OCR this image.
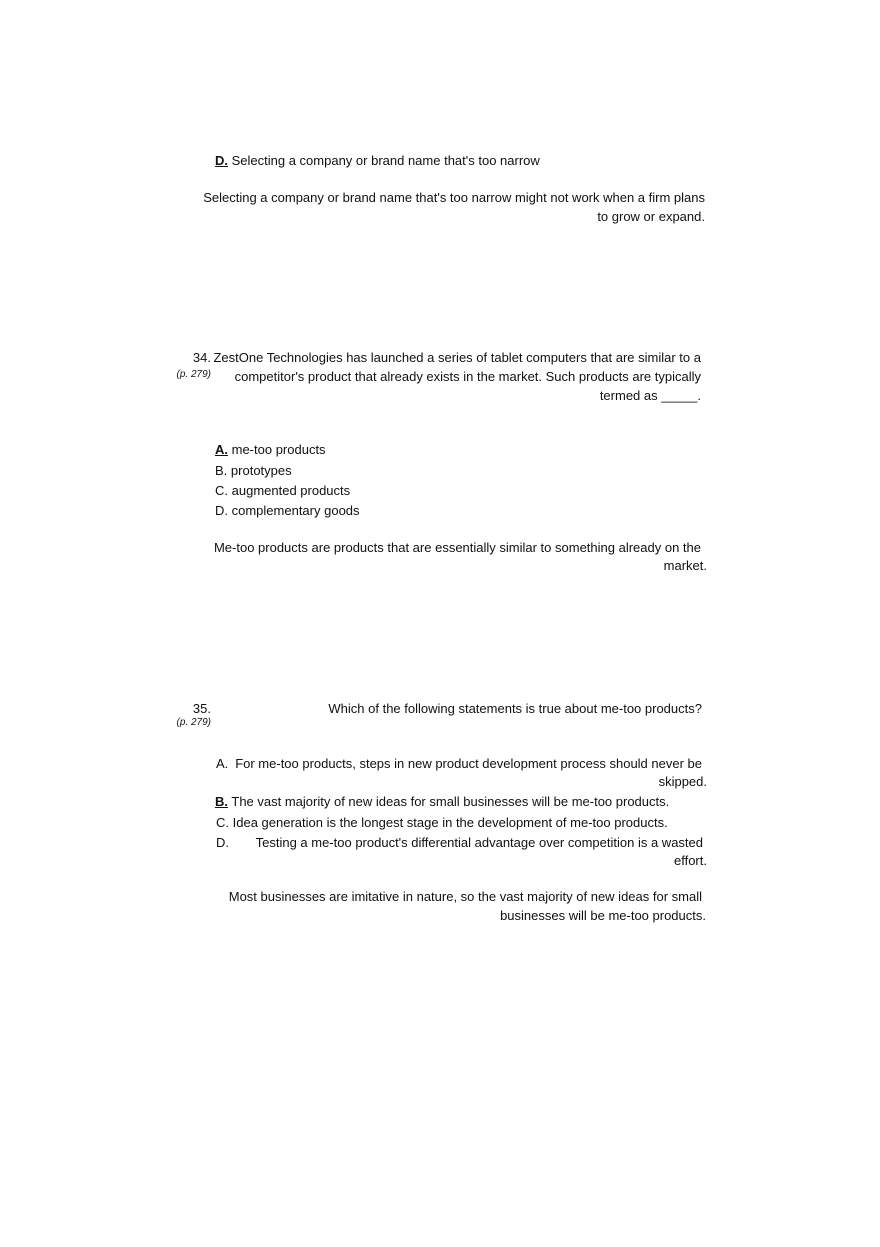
D. Selecting a company or brand name that's too narrow
Selecting a company or brand name that's too narrow might not work when a firm plans
to grow or expand.
34.
(p. 279)
ZestOne Technologies has launched a series of tablet computers that are similar to a
competitor's product that already exists in the market. Such products are typically
termed as _____.
A. me-too products
B. prototypes
C. augmented products
D. complementary goods
Me-too products are products that are essentially similar to something already on the
market.
35.
(p. 279)
Which of the following statements is true about me-too products?
A. For me-too products, steps in new product development process should never be
skipped.
B. The vast majority of new ideas for small businesses will be me-too products.
C. Idea generation is the longest stage in the development of me-too products.
D. Testing a me-too product's differential advantage over competition is a wasted
effort.
Most businesses are imitative in nature, so the vast majority of new ideas for small
businesses will be me-too products.
